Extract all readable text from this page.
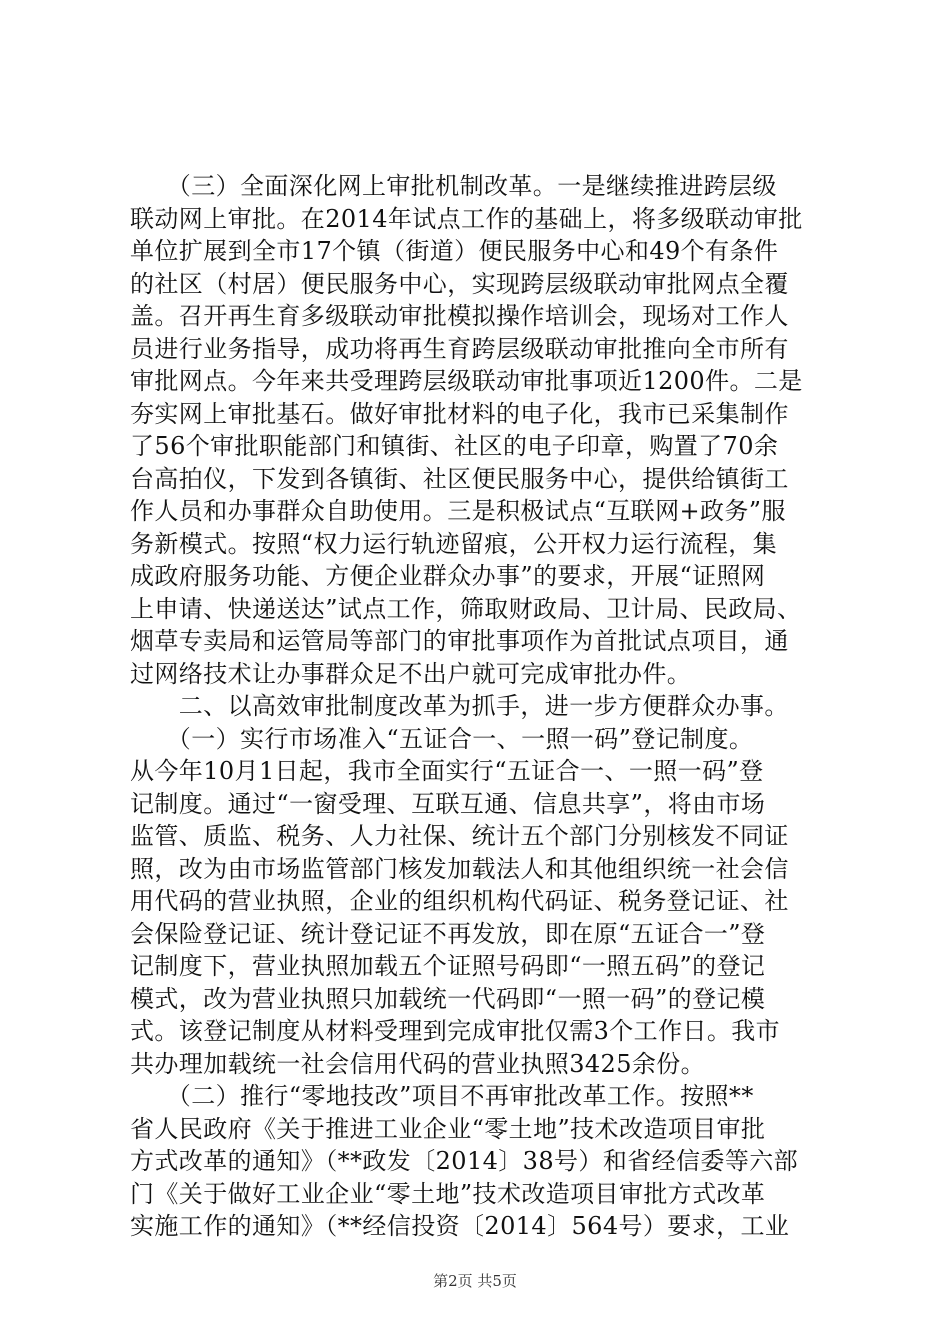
　　（三）全面深化网上审批机制改革。一是继续推进跨层级
联动网上审批。在2014年试点工作的基础上，将多级联动审批
单位扩展到全市17个镇（街道）便民服务中心和49个有条件
的社区（村居）便民服务中心，实现跨层级联动审批网点全覆
盖。召开再生育多级联动审批模拟操作培训会，现场对工作人
员进行业务指导，成功将再生育跨层级联动审批推向全市所有
审批网点。今年来共受理跨层级联动审批事项近1200件。二是
夯实网上审批基石。做好审批材料的电子化，我市已采集制作
了56个审批职能部门和镇街、社区的电子印章，购置了70余
台高拍仪，下发到各镇街、社区便民服务中心，提供给镇街工
作人员和办事群众自助使用。三是积极试点“互联网+政务”服
务新模式。按照“权力运行轨迹留痕，公开权力运行流程，集
成政府服务功能、方便企业群众办事”的要求，开展“证照网
上申请、快递送达”试点工作，筛取财政局、卫计局、民政局、
烟草专卖局和运管局等部门的审批事项作为首批试点项目，通
过网络技术让办事群众足不出户就可完成审批办件。
　　二、以高效审批制度改革为抓手，进一步方便群众办事。
　　（一）实行市场准入“五证合一、一照一码”登记制度。
从今年10月1日起，我市全面实行“五证合一、一照一码”登
记制度。通过“一窗受理、互联互通、信息共享”，将由市场
监管、质监、税务、人力社保、统计五个部门分别核发不同证
照，改为由市场监管部门核发加载法人和其他组织统一社会信
用代码的营业执照，企业的组织机构代码证、税务登记证、社
会保险登记证、统计登记证不再发放，即在原“五证合一”登
记制度下，营业执照加载五个证照号码即“一照五码”的登记
模式，改为营业执照只加载统一代码即“一照一码”的登记模
式。该登记制度从材料受理到完成审批仅需3个工作日。我市
共办理加载统一社会信用代码的营业执照3425余份。
　　（二）推行“零地技改”项目不再审批改革工作。按照**
省人民政府《关于推进工业企业“零土地”技术改造项目审批
方式改革的通知》（**政发〔2014〕38号）和省经信委等六部
门《关于做好工业企业“零土地”技术改造项目审批方式改革
实施工作的通知》（**经信投资〔2014〕564号）要求，工业
第2页 共5页
